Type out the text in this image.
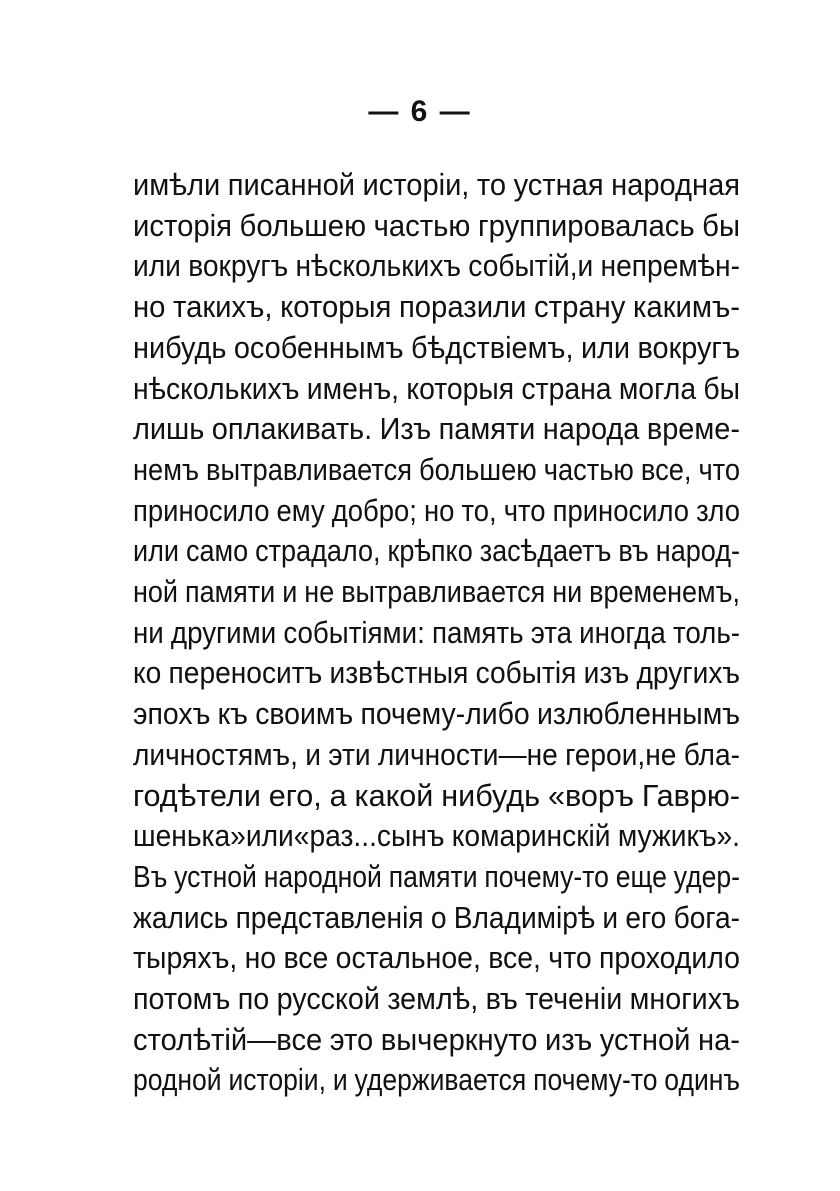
— 6 —
имѣли писанной исторіи, то устная народная
исторія большею частью группировалась бы
или вокругъ нѣсколькихъ событій,и непремѣн-
но такихъ, которыя поразили страну какимъ-
нибудь особеннымъ бѣдствіемъ, или вокругъ
нѣсколькихъ именъ, которыя страна могла бы
лишь оплакивать. Изъ памяти народа време-
немъ вытравливается большею частью все, что
приносило ему добро; но то, что приносило зло
или само страдало, крѣпко засѣдаетъ въ народ-
ной памяти и не вытравливается ни временемъ,
ни другими событіями: память эта иногда толь-
ко переноситъ извѣстныя событія изъ другихъ
эпохъ къ своимъ почему-либо излюбленнымъ
личностямъ, и эти личности—не герои,не бла-
годѣтели его, а какой нибудь «воръ Гаврю-
шенька»или«раз...сынъ комаринскій мужикъ».
Въ устной народной памяти почему-то еще удер-
жались представленія о Владимірѣ и его бога-
тыряхъ, но все остальное, все, что проходило
потомъ по русской землѣ, въ теченіи многихъ
столѣтій—все это вычеркнуто изъ устной на-
родной исторіи, и удерживается почему-то одинъ
